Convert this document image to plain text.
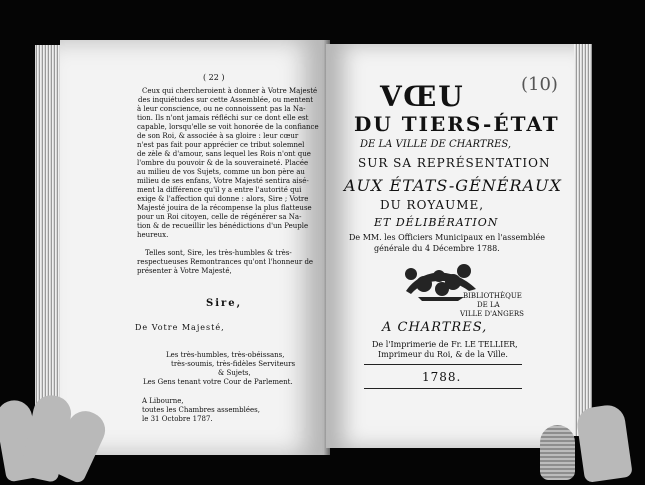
( 22 )
Ceux qui chercheroient à donner à Votre Majesté
des inquiétudes sur cette Assemblée, ou mentent
à leur conscience, ou ne connoissent pas la Na-
tion. Ils n'ont jamais réfléchi sur ce dont elle est
capable, lorsqu'elle se voit honorée de la confiance
de son Roi, & associée à sa gloire : leur cœur
n'est pas fait pour apprécier ce tribut solemnel
de zèle & d'amour, sans lequel les Rois n'ont que
l'ombre du pouvoir & de la souveraineté. Placée
au milieu de vos Sujets, comme un bon père au
milieu de ses enfans, Votre Majesté sentira aisé-
ment la différence qu'il y a entre l'autorité qui
exige & l'affection qui donne : alors, Sire ; Votre
Majesté jouira de la récompense la plus flatteuse
pour un Roi citoyen, celle de régénérer sa Na-
tion & de recueillir les bénédictions d'un Peuple
heureux.
Telles sont, Sire, les très-humbles & très-
respectueuses Remontrances qu'ont l'honneur de
présenter à Votre Majesté,
Sire,
De Votre Majesté,
Les très-humbles, très-obéissans,
très-soumis, très-fidèles Serviteurs
& Sujets,
Les Gens tenant votre Cour de Parlement.
A Libourne,
toutes les Chambres assemblées,
le 31 Octobre 1787.
(10)
VŒU
DU TIERS-ÉTAT
DE LA VILLE DE CHARTRES,
SUR SA REPRÉSENTATION
AUX ÉTATS-GÉNÉRAUX
DU ROYAUME,
ET DÉLIBÉRATION
De MM. les Officiers Municipaux en l'assemblée
générale du 4 Décembre 1788.
BIBLIOTHÈQUE
DE LA
VILLE D'ANGERS
A CHARTRES,
De l'Imprimerie de Fr. LE TELLIER,
Imprimeur du Roi, & de la Ville.
1788.
